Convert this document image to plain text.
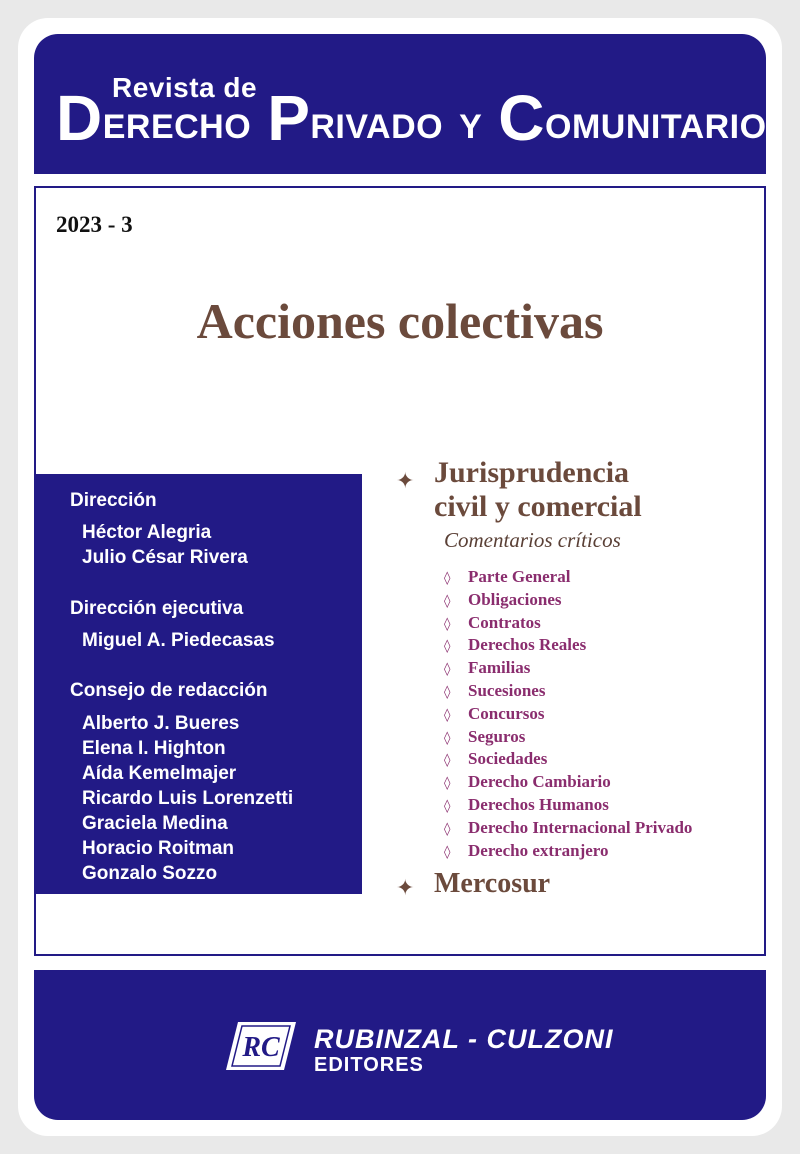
Revista de
DERECHO PRIVADO Y COMUNITARIO
2023 - 3
Acciones colectivas
Dirección
Héctor Alegria
Julio César Rivera
Dirección ejecutiva
Miguel A. Piedecasas
Consejo de redacción
Alberto J. Bueres
Elena I. Highton
Aída Kemelmajer
Ricardo Luis Lorenzetti
Graciela Medina
Horacio Roitman
Gonzalo Sozzo
✦ Jurisprudencia
civil y comercial
Comentarios críticos
◊ Parte General
◊ Obligaciones
◊ Contratos
◊ Derechos Reales
◊ Familias
◊ Sucesiones
◊ Concursos
◊ Seguros
◊ Sociedades
◊ Derecho Cambiario
◊ Derechos Humanos
◊ Derecho Internacional Privado
◊ Derecho extranjero
✦ Mercosur
RC RUBINZAL - CULZONI
EDITORES
